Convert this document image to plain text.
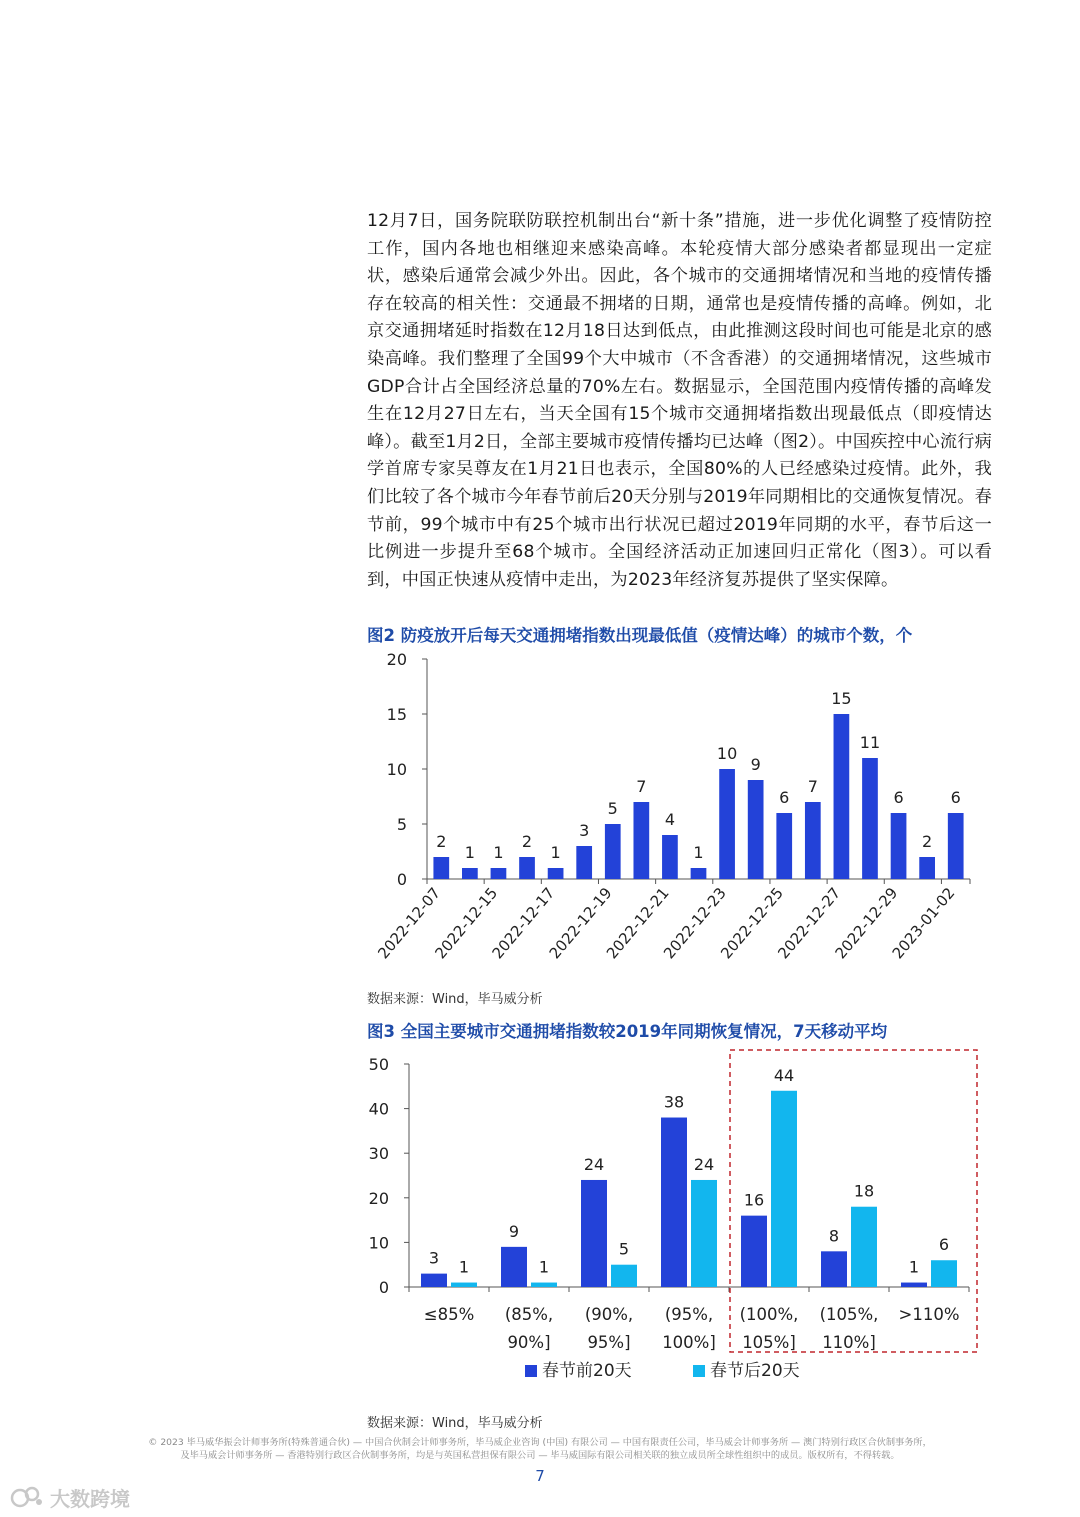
12月7日，国务院联防联控机制出台“新十条”措施，进一步优化调整了疫情防控工作，国内各地也相继迎来感染高峰。本轮疫情大部分感染者都显现出一定症状，感染后通常会减少外出。因此，各个城市的交通拥堵情况和当地的疫情传播存在较高的相关性：交通最不拥堵的日期，通常也是疫情传播的高峰。例如，北京交通拥堵延时指数在12月18日达到低点，由此推测这段时间也可能是北京的感染高峰。我们整理了全国99个大中城市（不含香港）的交通拥堵情况，这些城市GDP合计占全国经济总量的70%左右。数据显示，全国范围内疫情传播的高峰发生在12月27日左右，当天全国有15个城市交通拥堵指数出现最低点（即疫情达峰）。截至1月2日，全部主要城市疫情传播均已达峰（图2）。中国疾控中心流行病学首席专家吴尊友在1月21日也表示，全国80%的人已经感染过疫情。此外，我们比较了各个城市今年春节前后20天分别与2019年同期相比的交通恢复情况。春节前，99个城市中有25个城市出行状况已超过2019年同期的水平，春节后这一比例进一步提升至68个城市。全国经济活动正加速回归正常化（图3）。可以看到，中国正快速从疫情中走出，为2023年经济复苏提供了坚实保障。
图2 防疫放开后每天交通拥堵指数出现最低值（疫情达峰）的城市个数，个
0
5
10
15
20
2
1 1
2
1
3
5
7
4
1
10
9
6
7
15
11
6
2
6
2022-12-07
2022-12-15
2022-12-17
2022-12-19
2022-12-21
2022-12-23
2022-12-25
2022-12-27
2022-12-29
2023-01-02
数据来源：Wind，毕马威分析
图3 全国主要城市交通拥堵指数较2019年同期恢复情况，7天移动平均
0
10
20
30
40
50
3 1
≤85%
9
1
(85%,
90%]
24
5
(90%,
95%]
38
24
(95%,
100%]
16
44
(100%,
105%]
8
18
(105%,
110%]
1
6
>110%
春节前20天	春节后20天
数据来源：Wind，毕马威分析
© 2023 毕马威华振会计师事务所(特殊普通合伙) — 中国合伙制会计师事务所，毕马威企业咨询 (中国) 有限公司 — 中国有限责任公司，毕马威会计师事务所 — 澳门特别行政区合伙制事务所，
及毕马威会计师事务所 — 香港特别行政区合伙制事务所，均是与英国私营担保有限公司 — 毕马威国际有限公司相关联的独立成员所全球性组织中的成员。版权所有，不得转载。
7
大数跨境
